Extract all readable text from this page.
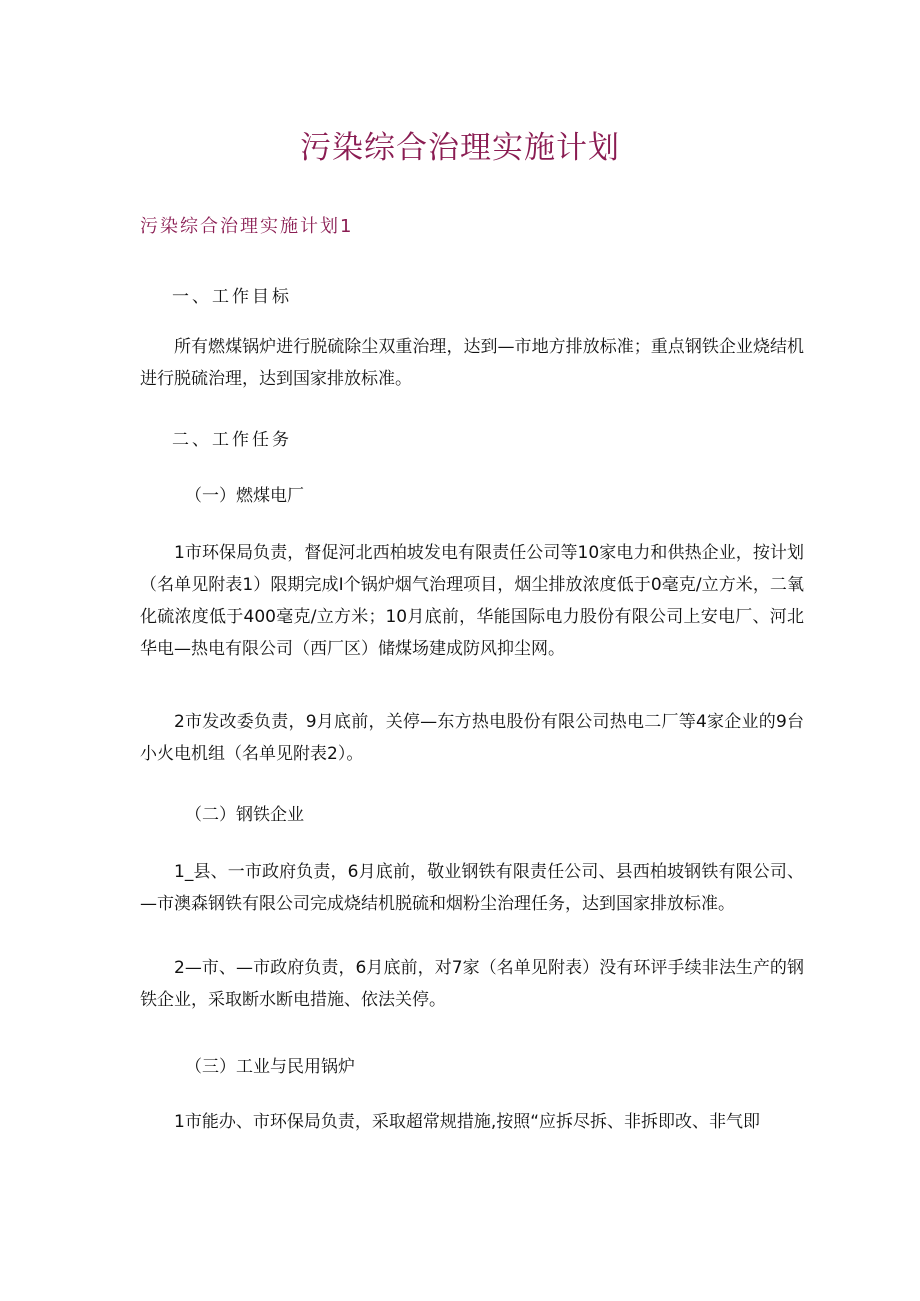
污染综合治理实施计划
污染综合治理实施计划1
一、工作目标
所有燃煤锅炉进行脱硫除尘双重治理，达到—市地方排放标准；重点钢铁企业烧结机进行脱硫治理，达到国家排放标准。
二、工作任务
（一）燃煤电厂
1市环保局负责，督促河北西柏坡发电有限责任公司等10家电力和供热企业，按计划（名单见附表1）限期完成I个锅炉烟气治理项目，烟尘排放浓度低于0毫克/立方米，二氧化硫浓度低于400毫克/立方米；10月底前，华能国际电力股份有限公司上安电厂、河北华电—热电有限公司（西厂区）储煤场建成防风抑尘网。
2市发改委负责，9月底前，关停—东方热电股份有限公司热电二厂等4家企业的9台小火电机组（名单见附表2）。
（二）钢铁企业
1_县、一市政府负责，6月底前，敬业钢铁有限责任公司、县西柏坡钢铁有限公司、—市澳森钢铁有限公司完成烧结机脱硫和烟粉尘治理任务，达到国家排放标准。
2—市、—市政府负责，6月底前，对7家（名单见附表）没有环评手续非法生产的钢铁企业，采取断水断电措施、依法关停。
（三）工业与民用锅炉
1市能办、市环保局负责，采取超常规措施,按照“应拆尽拆、非拆即改、非气即
